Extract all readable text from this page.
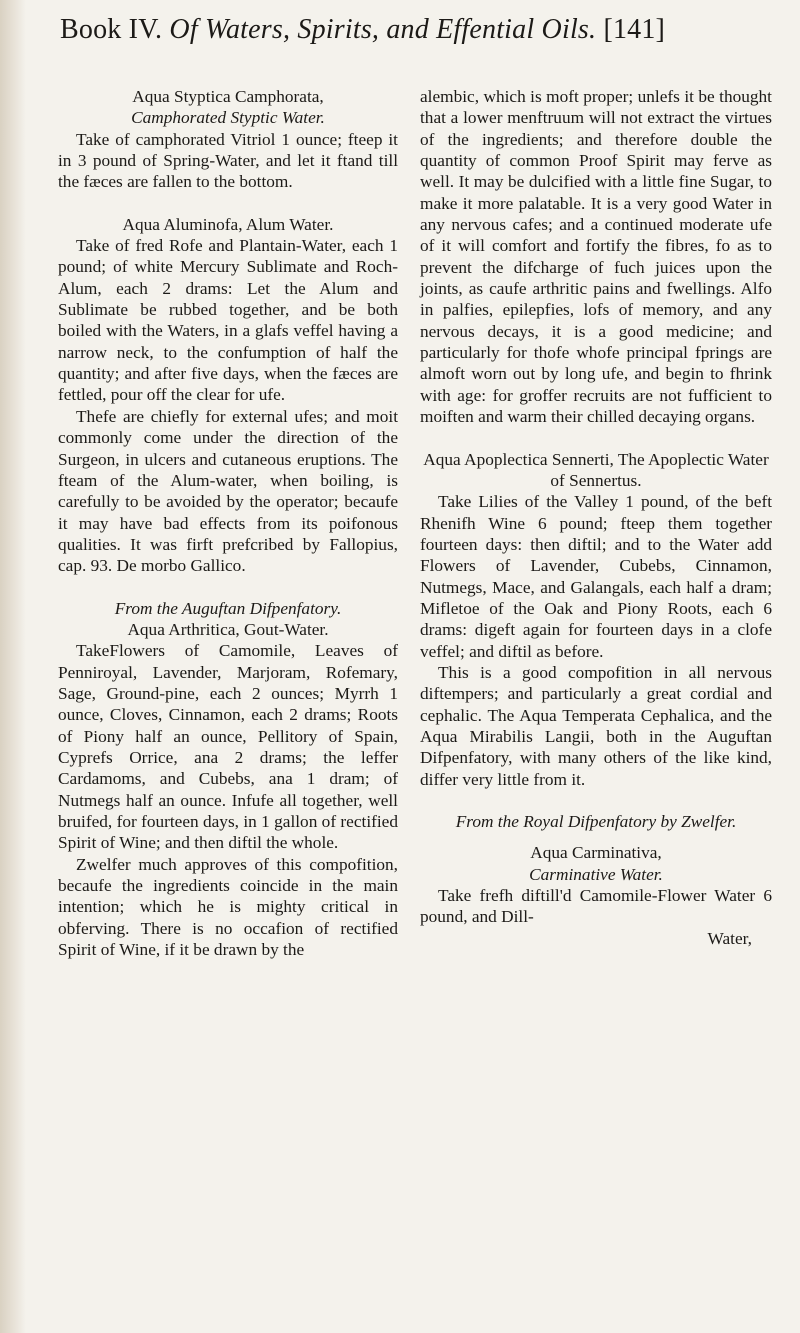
Book IV. Of Waters, Spirits, and Effential Oils. [141]

Aqua Styptica Camphorata,

Camphorated Styptic Water.

Take of camphorated Vitriol 1 ounce; fteep it in 3 pound of Spring-Water, and let it ftand till the fæces are fallen to the bottom.

Aqua Aluminofa, Alum Water.

Take of fred Rofe and Plantain-Water, each 1 pound; of white Mercury Sublimate and Roch-Alum, each 2 drams: Let the Alum and Sublimate be rubbed together, and be both boiled with the Waters, in a glafs veffel having a narrow neck, to the confumption of half the quantity; and after five days, when the fæces are fettled, pour off the clear for ufe.

Thefe are chiefly for external ufes; and moit commonly come under the direction of the Surgeon, in ulcers and cutaneous eruptions. The fteam of the Alum-water, when boiling, is carefully to be avoided by the operator; becaufe it may have bad effects from its poifonous qualities. It was firft prefcribed by Fallopius, cap. 93. De morbo Gallico.

From the Auguftan Difpenfatory.

Aqua Arthritica, Gout-Water.

TakeFlowers of Camomile, Leaves of Penniroyal, Lavender, Marjoram, Rofemary, Sage, Ground-pine, each 2 ounces; Myrrh 1 ounce, Cloves, Cinnamon, each 2 drams; Roots of Piony half an ounce, Pellitory of Spain, Cyprefs Orrice, ana 2 drams; the leffer Cardamoms, and Cubebs, ana 1 dram; of Nutmegs half an ounce. Infufe all together, well bruifed, for fourteen days, in 1 gallon of rectified Spirit of Wine; and then diftil the whole.

Zwelfer much approves of this compofition, becaufe the ingredients coincide in the main intention; which he is mighty critical in obferving. There is no occafion of rectified Spirit of Wine, if it be drawn by the

alembic, which is moft proper; unlefs it be thought that a lower menftruum will not extract the virtues of the ingredients; and therefore double the quantity of common Proof Spirit may ferve as well. It may be dulcified with a little fine Sugar, to make it more palatable. It is a very good Water in any nervous cafes; and a continued moderate ufe of it will comfort and fortify the fibres, fo as to prevent the difcharge of fuch juices upon the joints, as caufe arthritic pains and fwellings. Alfo in palfies, epilepfies, lofs of memory, and any nervous decays, it is a good medicine; and particularly for thofe whofe principal fprings are almoft worn out by long ufe, and begin to fhrink with age: for groffer recruits are not fufficient to moiften and warm their chilled decaying organs.

Aqua Apoplectica Sennerti, The Apoplectic Water of Sennertus.

Take Lilies of the Valley 1 pound, of the beft Rhenifh Wine 6 pound; fteep them together fourteen days: then diftil; and to the Water add Flowers of Lavender, Cubebs, Cinnamon, Nutmegs, Mace, and Galangals, each half a dram; Mifletoe of the Oak and Piony Roots, each 6 drams: digeft again for fourteen days in a clofe veffel; and diftil as before.

This is a good compofition in all nervous diftempers; and particularly a great cordial and cephalic. The Aqua Temperata Cephalica, and the Aqua Mirabilis Langii, both in the Auguftan Difpenfatory, with many others of the like kind, differ very little from it.

From the Royal Difpenfatory by Zwelfer.

Aqua Carminativa,

Carminative Water.

Take frefh diftill'd Camomile-Flower Water 6 pound, and Dill-

Water,
